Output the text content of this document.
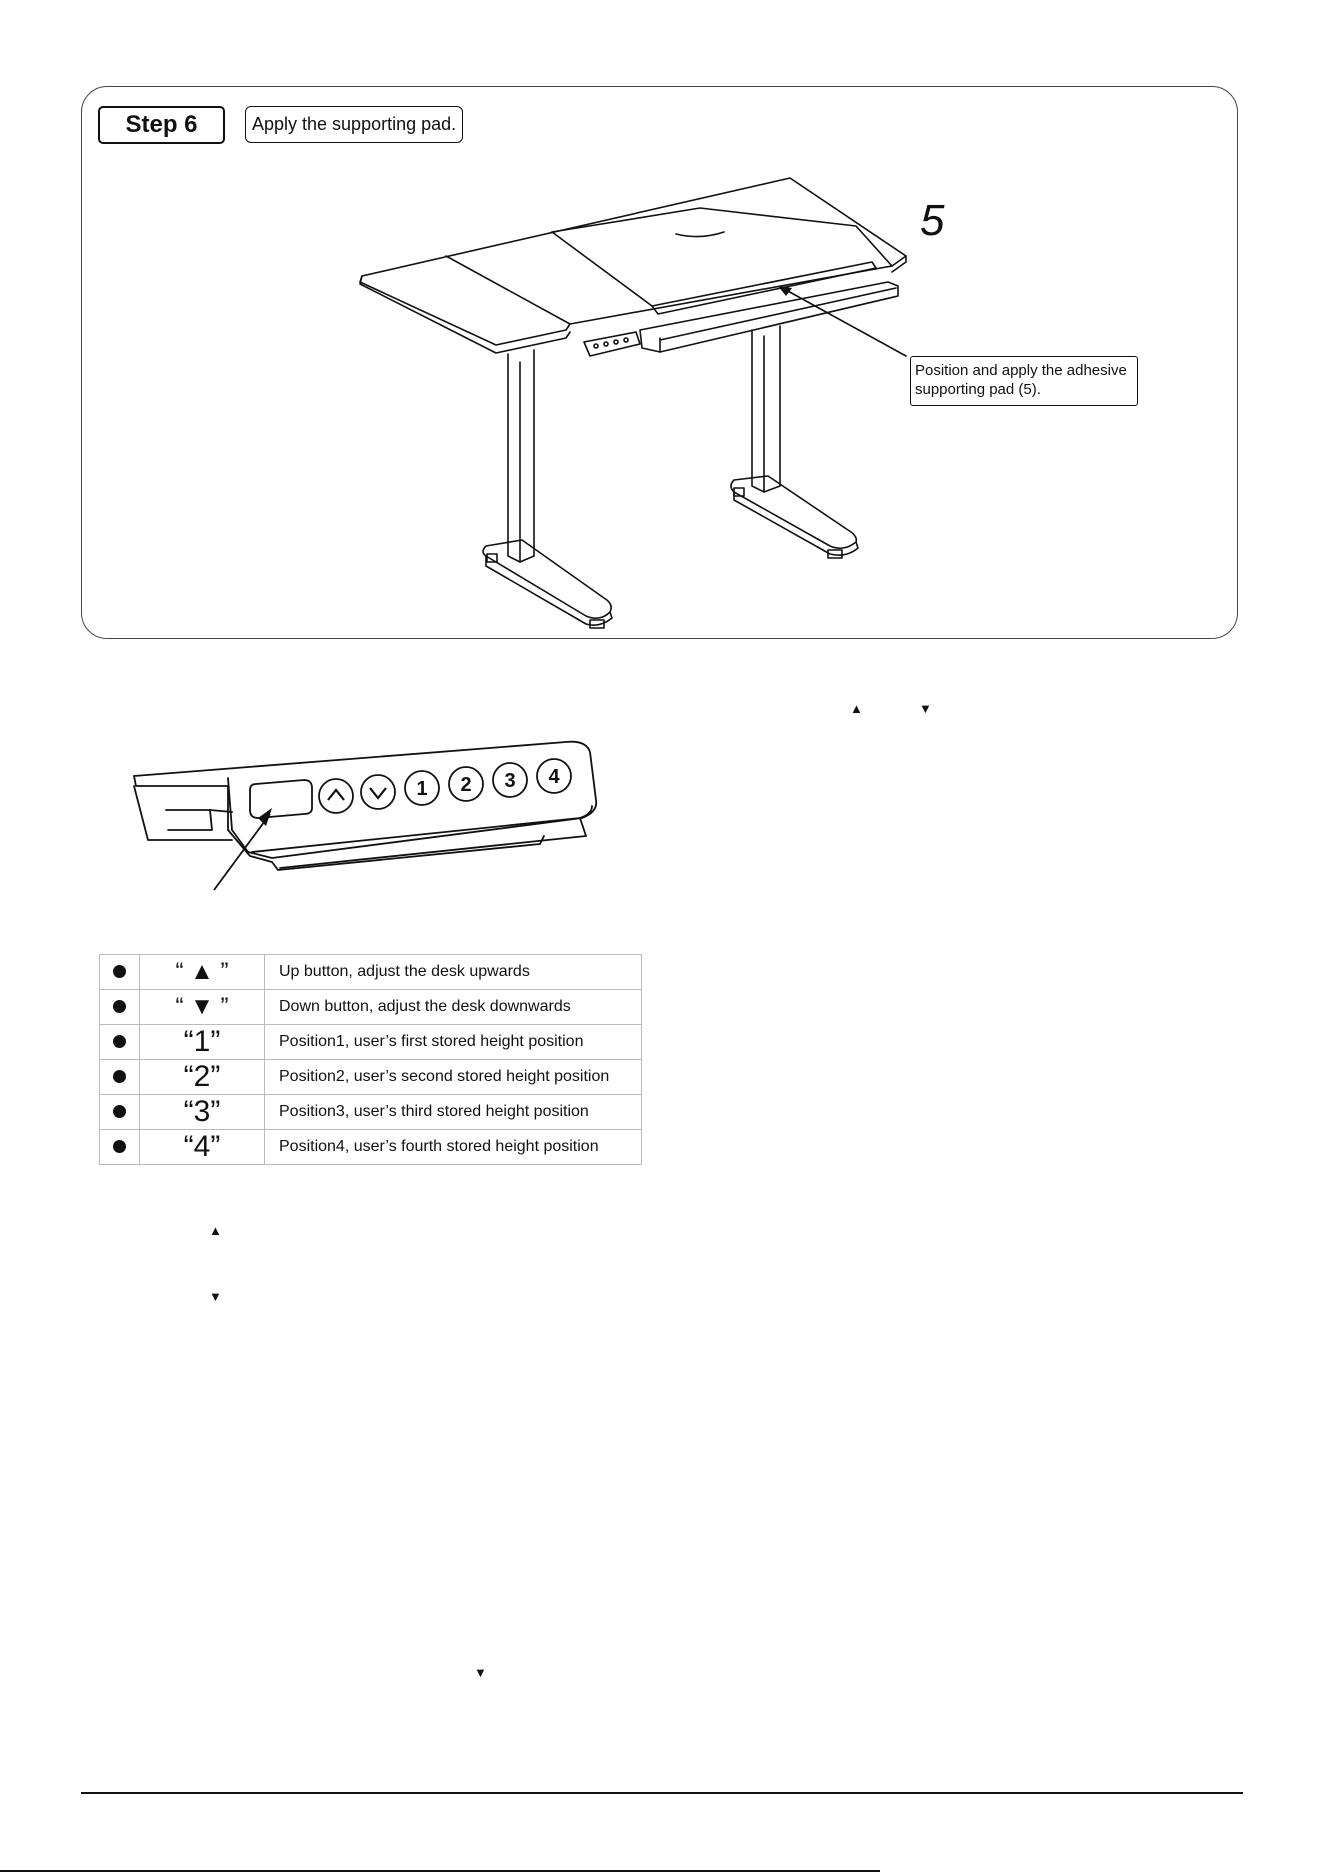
Step 6	Apply the supporting pad.
5
Position and apply the adhesive supporting pad (5).
1 2 3 4
	“ ▲ ”	Up button, adjust the desk upwards
	“ ▼ ”	Down button, adjust the desk downwards
	“1”	Position1, user’s first stored height position
	“2”	Position2, user’s second stored height position
	“3”	Position3, user’s third stored height position
	“4”	Position4, user’s fourth stored height position
▲	▼
▲
▼
▼
